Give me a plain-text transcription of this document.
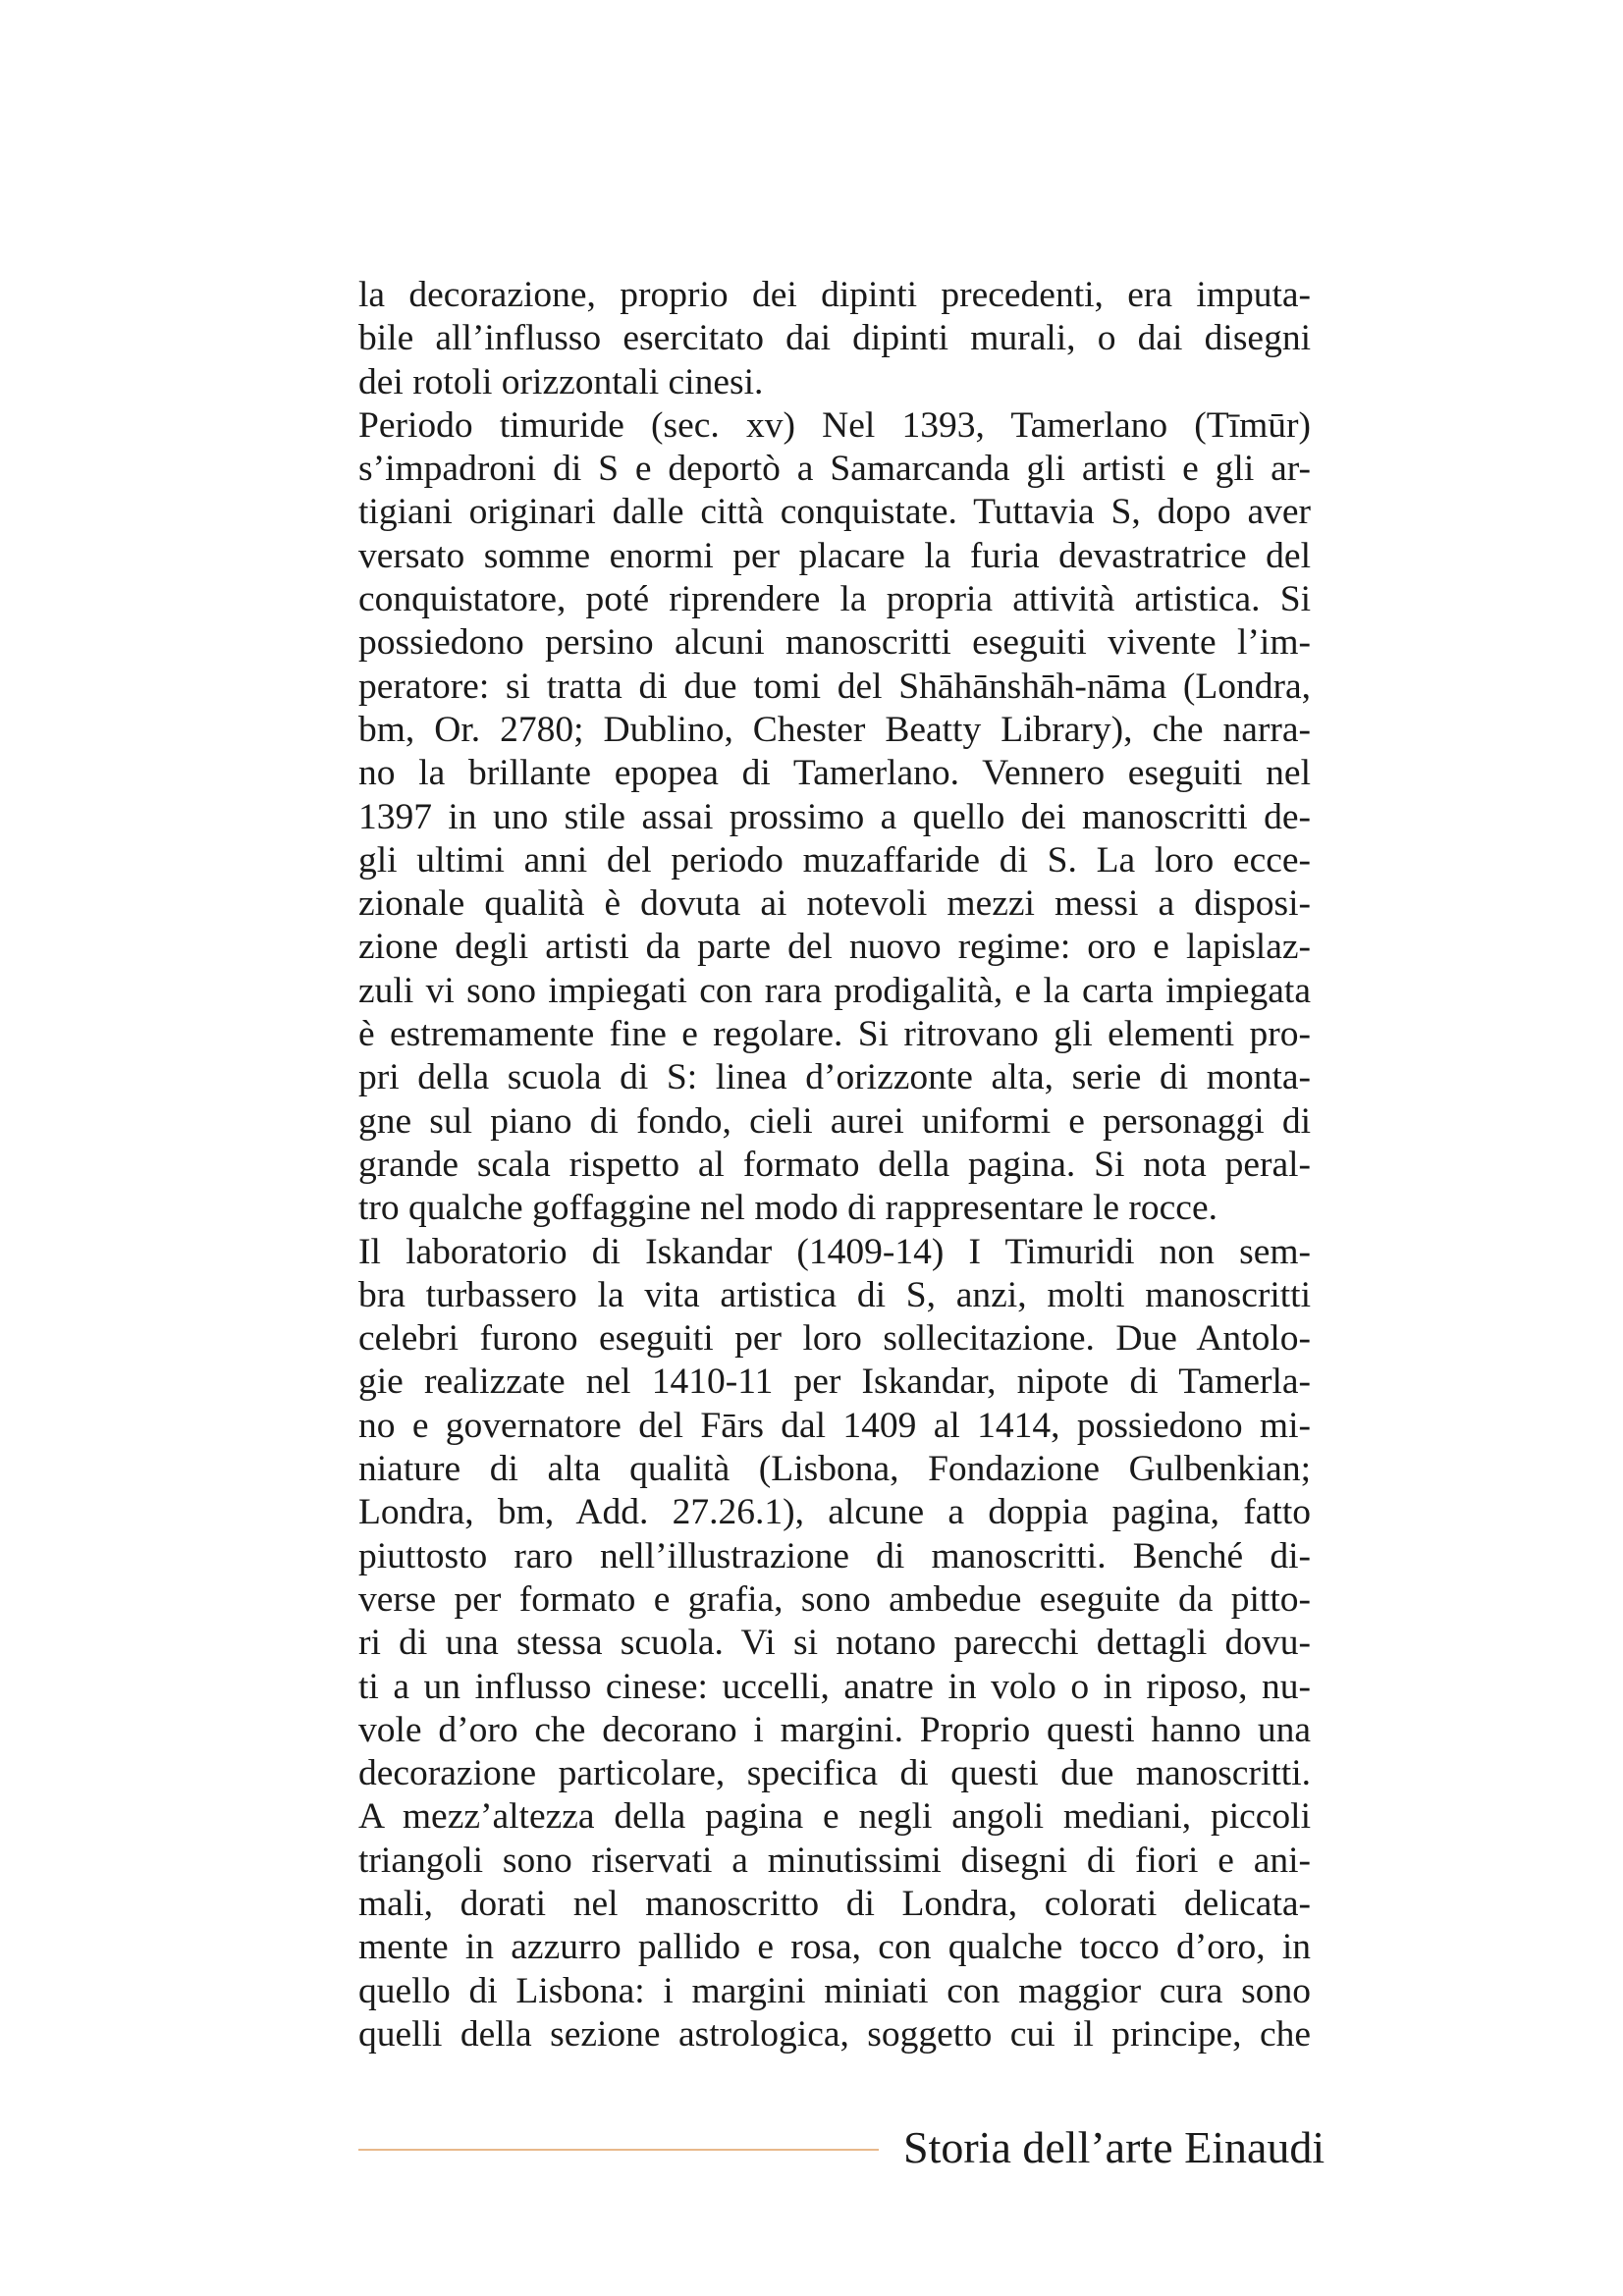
la decorazione, proprio dei dipinti precedenti, era imputa-
bile all’influsso esercitato dai dipinti murali, o dai disegni
dei rotoli orizzontali cinesi.
Periodo timuride (sec. xv) Nel 1393, Tamerlano (Tīmūr)
s’impadroni di S e deportò a Samarcanda gli artisti e gli ar-
tigiani originari dalle città conquistate. Tuttavia S, dopo aver
versato somme enormi per placare la furia devastratrice del
conquistatore, poté riprendere la propria attività artistica. Si
possiedono persino alcuni manoscritti eseguiti vivente l’im-
peratore: si tratta di due tomi del Shāhānshāh-nāma (Londra,
bm, Or. 2780; Dublino, Chester Beatty Library), che narra-
no la brillante epopea di Tamerlano. Vennero eseguiti nel
1397 in uno stile assai prossimo a quello dei manoscritti de-
gli ultimi anni del periodo muzaffaride di S. La loro ecce-
zionale qualità è dovuta ai notevoli mezzi messi a disposi-
zione degli artisti da parte del nuovo regime: oro e lapislaz-
zuli vi sono impiegati con rara prodigalità, e la carta impiegata
è estremamente fine e regolare. Si ritrovano gli elementi pro-
pri della scuola di S: linea d’orizzonte alta, serie di monta-
gne sul piano di fondo, cieli aurei uniformi e personaggi di
grande scala rispetto al formato della pagina. Si nota peral-
tro qualche goffaggine nel modo di rappresentare le rocce.
Il laboratorio di Iskandar (1409-14) I Timuridi non sem-
bra turbassero la vita artistica di S, anzi, molti manoscritti
celebri furono eseguiti per loro sollecitazione. Due Antolo-
gie realizzate nel 1410-11 per Iskandar, nipote di Tamerla-
no e governatore del Fārs dal 1409 al 1414, possiedono mi-
niature di alta qualità (Lisbona, Fondazione Gulbenkian;
Londra, bm, Add. 27.26.1), alcune a doppia pagina, fatto
piuttosto raro nell’illustrazione di manoscritti. Benché di-
verse per formato e grafia, sono ambedue eseguite da pitto-
ri di una stessa scuola. Vi si notano parecchi dettagli dovu-
ti a un influsso cinese: uccelli, anatre in volo o in riposo, nu-
vole d’oro che decorano i margini. Proprio questi hanno una
decorazione particolare, specifica di questi due manoscritti.
A mezz’altezza della pagina e negli angoli mediani, piccoli
triangoli sono riservati a minutissimi disegni di fiori e ani-
mali, dorati nel manoscritto di Londra, colorati delicata-
mente in azzurro pallido e rosa, con qualche tocco d’oro, in
quello di Lisbona: i margini miniati con maggior cura sono
quelli della sezione astrologica, soggetto cui il principe, che
Storia dell’arte Einaudi
